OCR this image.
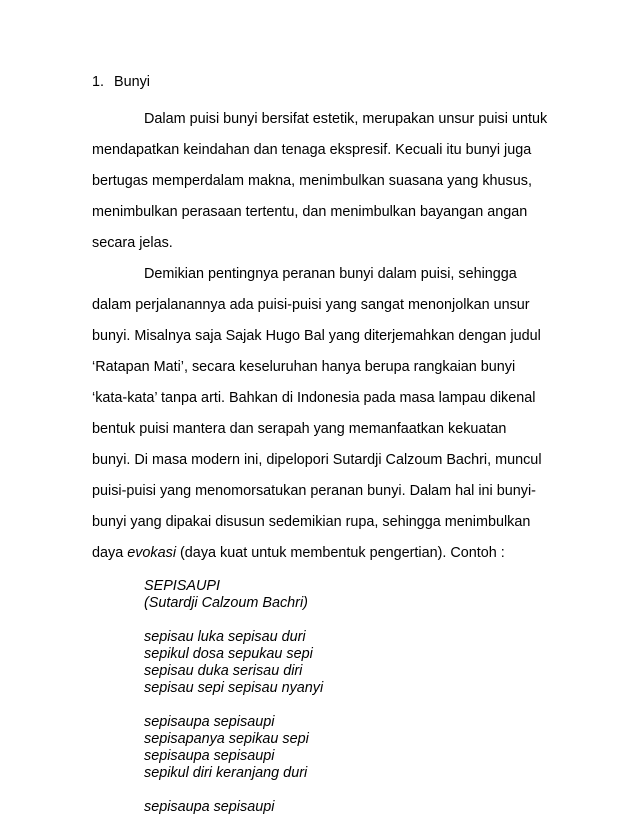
1. Bunyi
Dalam puisi bunyi bersifat estetik, merupakan unsur puisi untuk
mendapatkan keindahan dan tenaga ekspresif. Kecuali itu bunyi juga
bertugas memperdalam makna, menimbulkan suasana yang khusus,
menimbulkan perasaan tertentu, dan menimbulkan bayangan angan
secara jelas.
Demikian pentingnya peranan bunyi dalam puisi, sehingga
dalam perjalanannya ada puisi-puisi yang sangat menonjolkan unsur
bunyi. Misalnya saja Sajak Hugo Bal yang diterjemahkan dengan judul
‘Ratapan Mati’, secara keseluruhan hanya berupa rangkaian bunyi
‘kata-kata’ tanpa arti. Bahkan di Indonesia pada masa lampau dikenal
bentuk puisi mantera dan serapah yang memanfaatkan kekuatan
bunyi. Di masa modern ini, dipelopori Sutardji Calzoum Bachri, muncul
puisi-puisi yang menomorsatukan peranan bunyi. Dalam hal ini bunyi-
bunyi yang dipakai disusun sedemikian rupa, sehingga menimbulkan
daya evokasi (daya kuat untuk membentuk pengertian). Contoh :
SEPISAUPI
(Sutardji Calzoum Bachri)
sepisau luka sepisau duri
sepikul dosa sepukau sepi
sepisau duka serisau diri
sepisau sepi sepisau nyanyi
sepisaupa sepisaupi
sepisapanya sepikau sepi
sepisaupa sepisaupi
sepikul diri keranjang duri
sepisaupa sepisaupi
